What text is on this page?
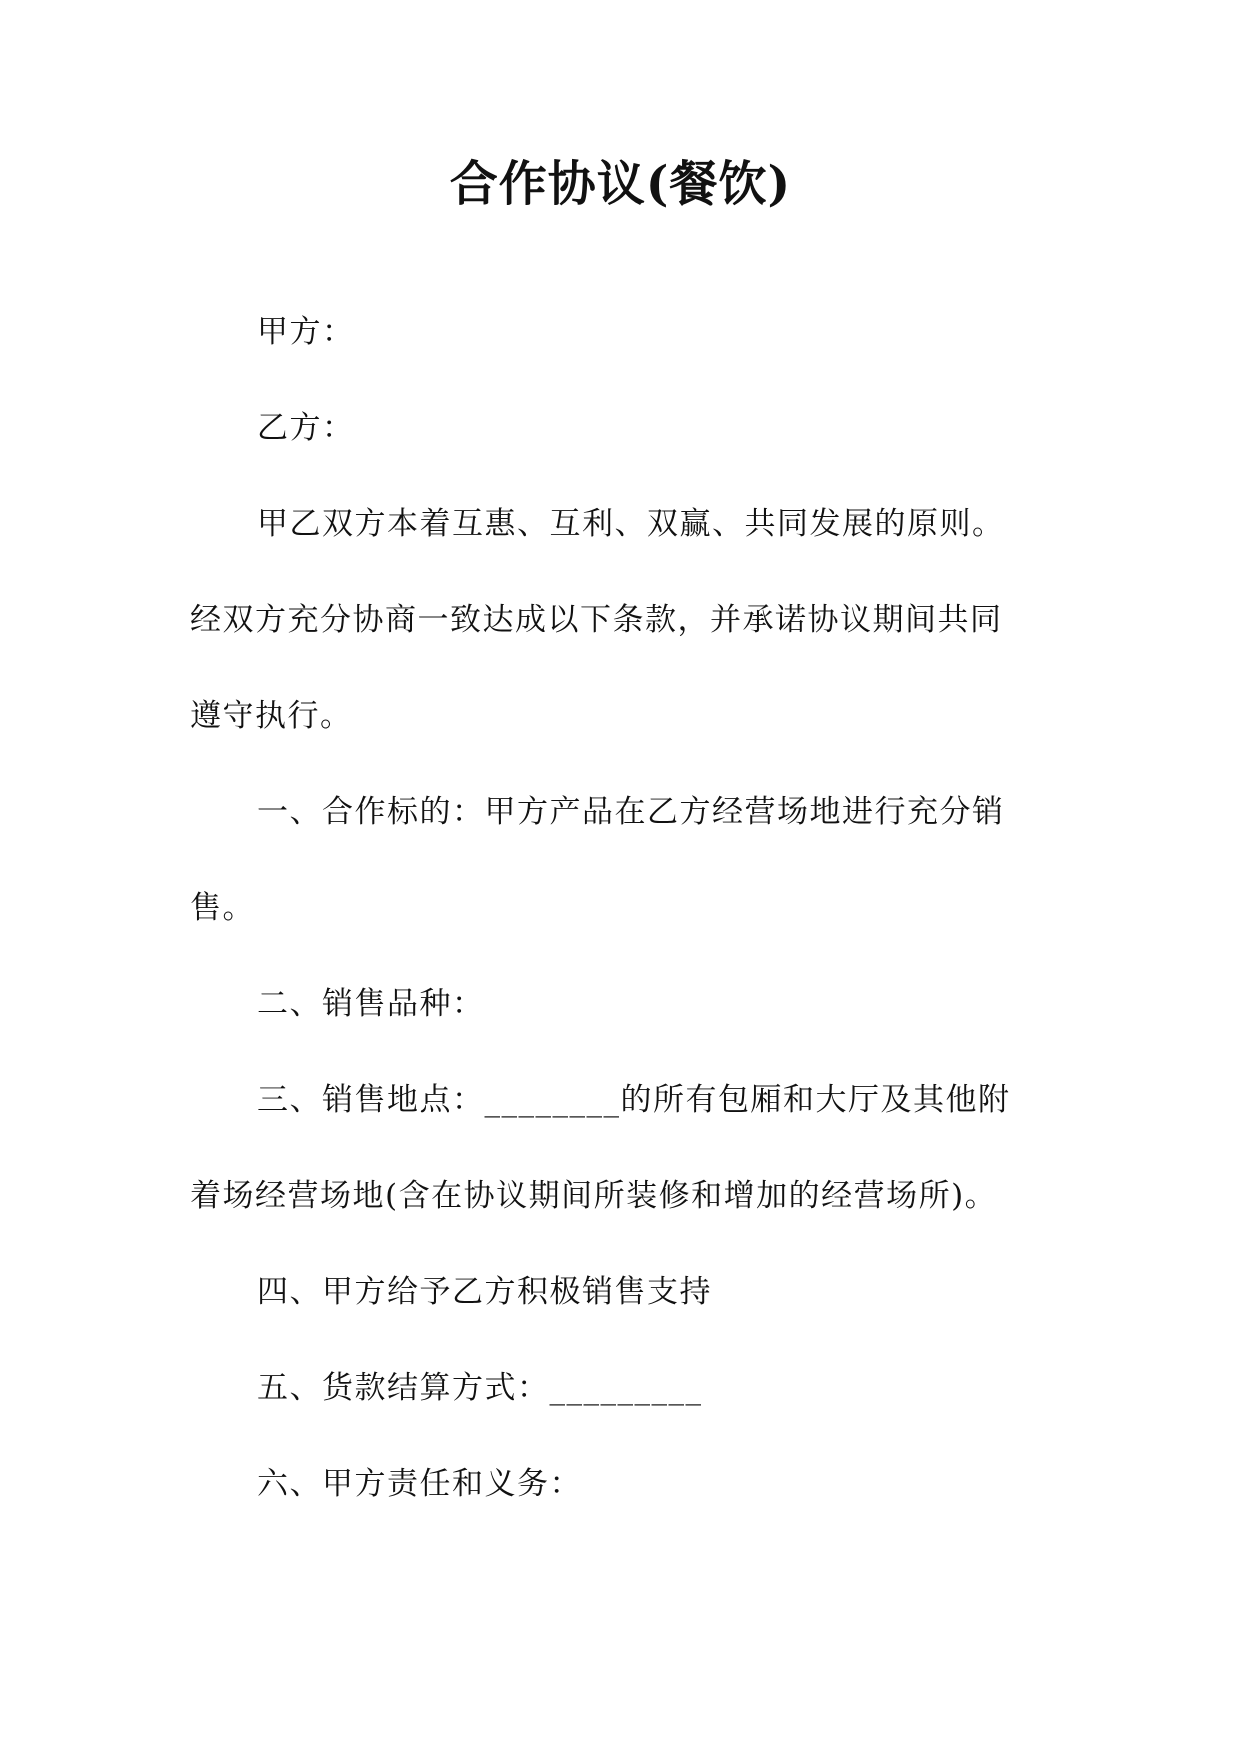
合作协议(餐饮)
甲方：
乙方：
甲乙双方本着互惠、互利、双赢、共同发展的原则。
经双方充分协商一致达成以下条款，并承诺协议期间共同
遵守执行。
一、合作标的：甲方产品在乙方经营场地进行充分销
售。
二、销售品种：
三、销售地点：________的所有包厢和大厅及其他附
着场经营场地(含在协议期间所装修和增加的经营场所)。
四、甲方给予乙方积极销售支持
五、货款结算方式：_________
六、甲方责任和义务：
